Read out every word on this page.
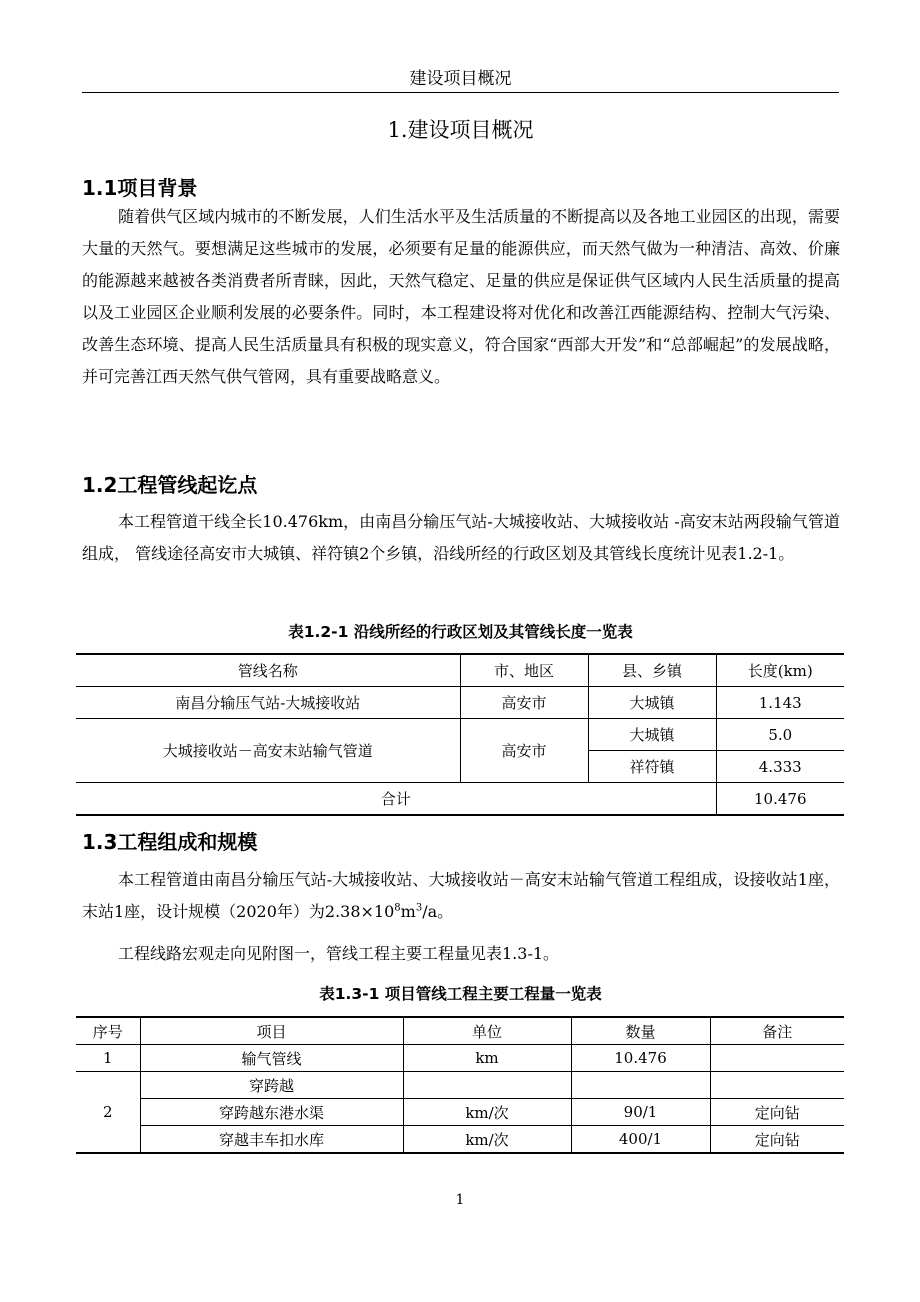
建设项目概况
1.建设项目概况
1.1项目背景

随着供气区域内城市的不断发展，人们生活水平及生活质量的不断提高以及各地工业园区的出现，需要大量的天然气。要想满足这些城市的发展，必须要有足量的能源供应，而天然气做为一种清洁、高效、价廉的能源越来越被各类消费者所青睐，因此，天然气稳定、足量的供应是保证供气区域内人民生活质量的提高以及工业园区企业顺利发展的必要条件。同时，本工程建设将对优化和改善江西能源结构、控制大气污染、改善生态环境、提高人民生活质量具有积极的现实意义，符合国家“西部大开发”和“总部崛起”的发展战略，并可完善江西天然气供气管网，具有重要战略意义。

1.2工程管线起讫点

本工程管道干线全长10.476km，由南昌分输压气站-大城接收站、大城接收站 -高安末站两段输气管道组成， 管线途径高安市大城镇、祥符镇2个乡镇，沿线所经的行政区划及其管线长度统计见表1.2-1。

表1.2-1 沿线所经的行政区划及其管线长度一览表
管线名称	市、地区	县、乡镇	长度(km)
南昌分输压气站-大城接收站	高安市	大城镇	1.143
大城接收站－高安末站输气管道	高安市	大城镇	5.0
		祥符镇	4.333
合计			10.476
1.3工程组成和规模

本工程管道由南昌分输压气站-大城接收站、大城接收站－高安末站输气管道工程组成，设接收站1座，末站1座，设计规模（2020年）为$2.38\times 10^8m^3/a$。

工程线路宏观走向见附图一，管线工程主要工程量见表1.3-1。

表1.3-1 项目管线工程主要工程量一览表
序号	项目	单位	数量	备注
1	输气管线	km	10.476	
2	穿跨越			
	穿跨越东港水渠	km/次	90/1	定向钻
	穿越丰车扣水库	km/次	400/1	定向钻
1
